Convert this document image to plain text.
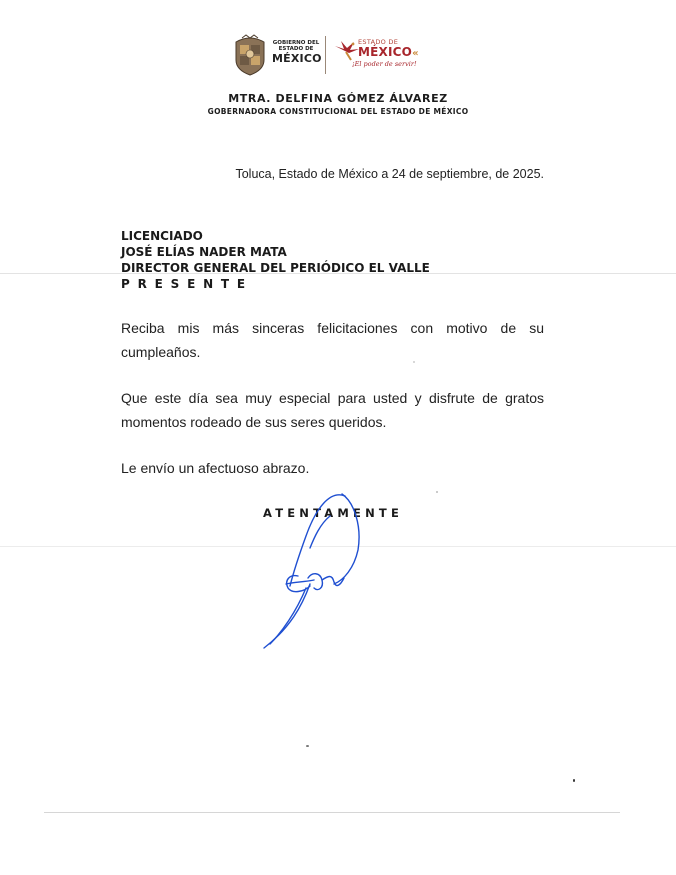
GOBIERNO DEL
ESTADO DE
MÉXICO
ESTADO DE
MÉXICO«
¡El poder de servir!
MTRA. DELFINA GÓMEZ ÁLVAREZ
GOBERNADORA CONSTITUCIONAL DEL ESTADO DE MÉXICO
Toluca, Estado de México a 24 de septiembre, de 2025.
LICENCIADO
JOSÉ ELÍAS NADER MATA
DIRECTOR GENERAL DEL PERIÓDICO EL VALLE
PRESENTE
Reciba mis más sinceras felicitaciones con motivo de su cumpleaños.
Que este día sea muy especial para usted y disfrute de gratos momentos rodeado de sus seres queridos.
Le envío un afectuoso abrazo.
ATENTAMENTE
